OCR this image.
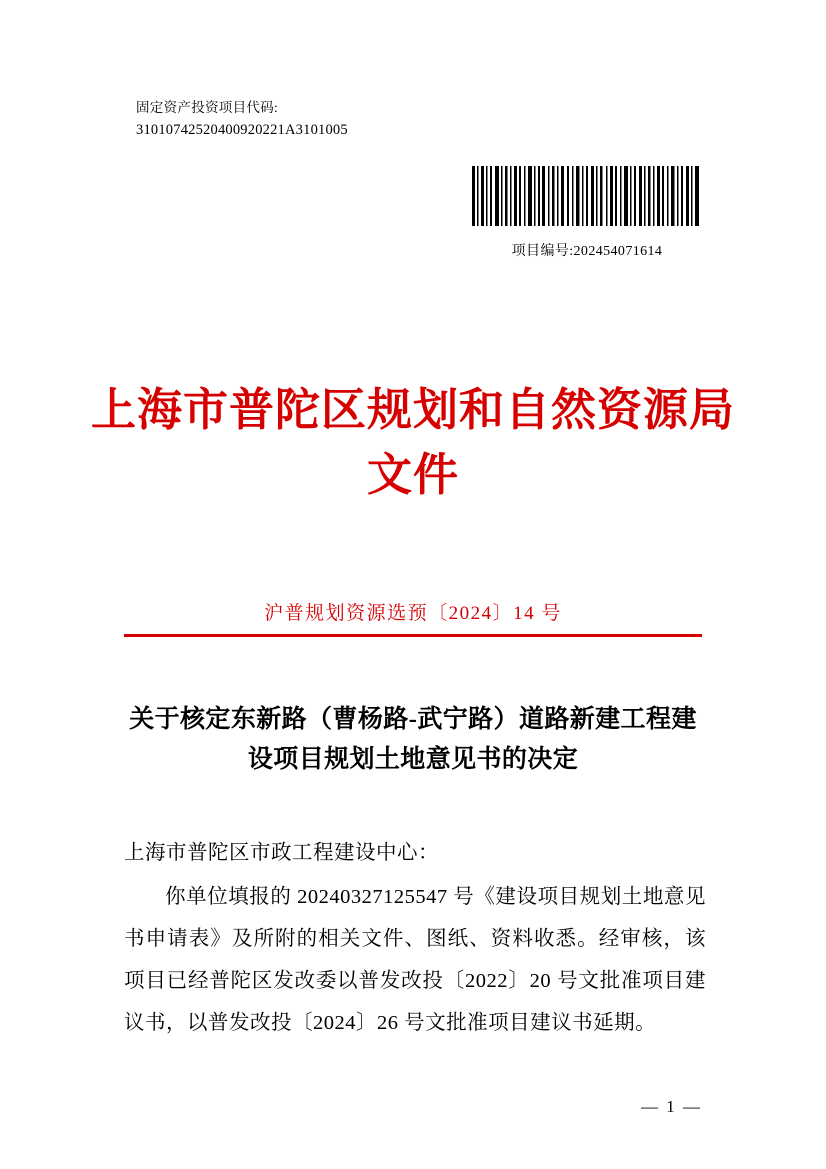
固定资产投资项目代码:
31010742520400920221A3101005
项目编号:202454071614
上海市普陀区规划和自然资源局
文件
沪普规划资源选预〔2024〕14 号
关于核定东新路（曹杨路-武宁路）道路新建工程建设项目规划土地意见书的决定

上海市普陀区市政工程建设中心：

你单位填报的 20240327125547 号《建设项目规划土地意见书申请表》及所附的相关文件、图纸、资料收悉。经审核，该项目已经普陀区发改委以普发改投〔2022〕20 号文批准项目建议书，以普发改投〔2024〕26 号文批准项目建议书延期。

— 1 —
